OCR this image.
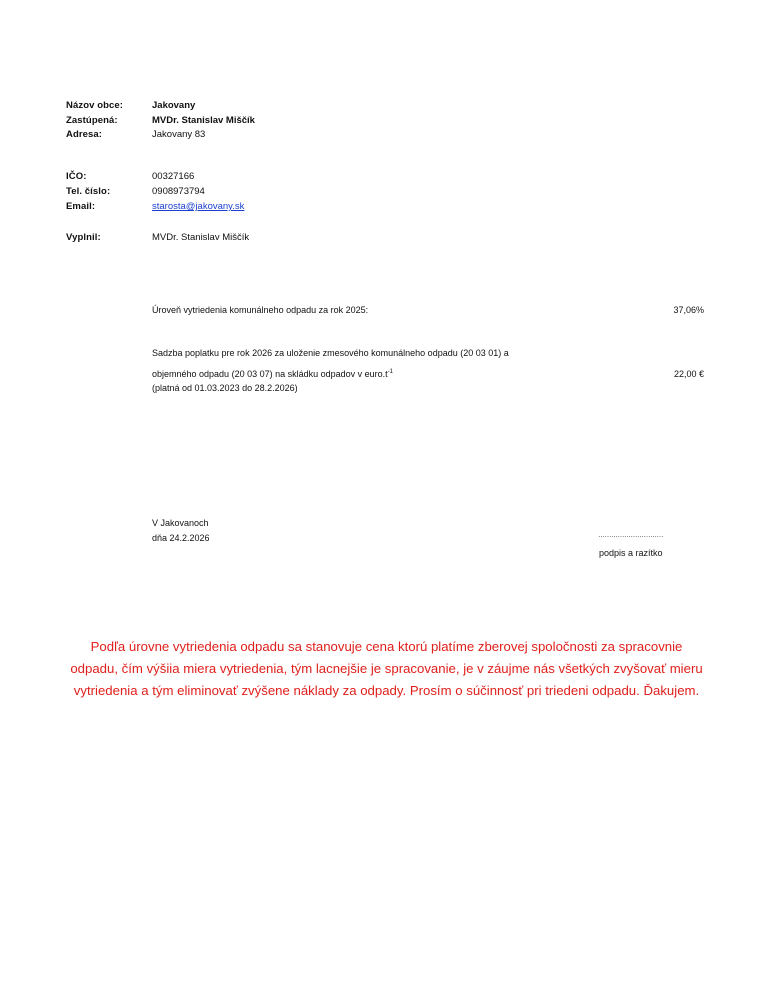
Názov obce:	Jakovany
Zastúpená:	MVDr. Stanislav Miščík
Adresa:	Jakovany 83
IČO:	00327166
Tel. číslo:	0908973794
Email:	starosta@jakovany.sk
Vyplnil:	MVDr. Stanislav Miščík
Úroveň vytriedenia komunálneho odpadu za rok 2025:	37,06%
Sadzba poplatku pre rok 2026 za uloženie zmesového komunálneho odpadu (20 03 01) a
objemného odpadu (20 03 07) na skládku odpadov v $euro.t^{-1}$
(platná od 01.03.2023 do 28.2.2026)
22,00 €
V Jakovanoch
dňa 24.2.2026	…………………………
podpis a razítko
Podľa úrovne vytriedenia odpadu sa stanovuje cena ktorú platíme zberovej spoločnosti za spracovnie odpadu, čím výšiia miera vytriedenia, tým lacnejšie je spracovanie, je v záujme nás všetkých zvyšovať mieru vytriedenia a tým eliminovať zvýšene náklady za odpady. Prosím o súčinnosť pri triedeni odpadu. Ďakujem.
